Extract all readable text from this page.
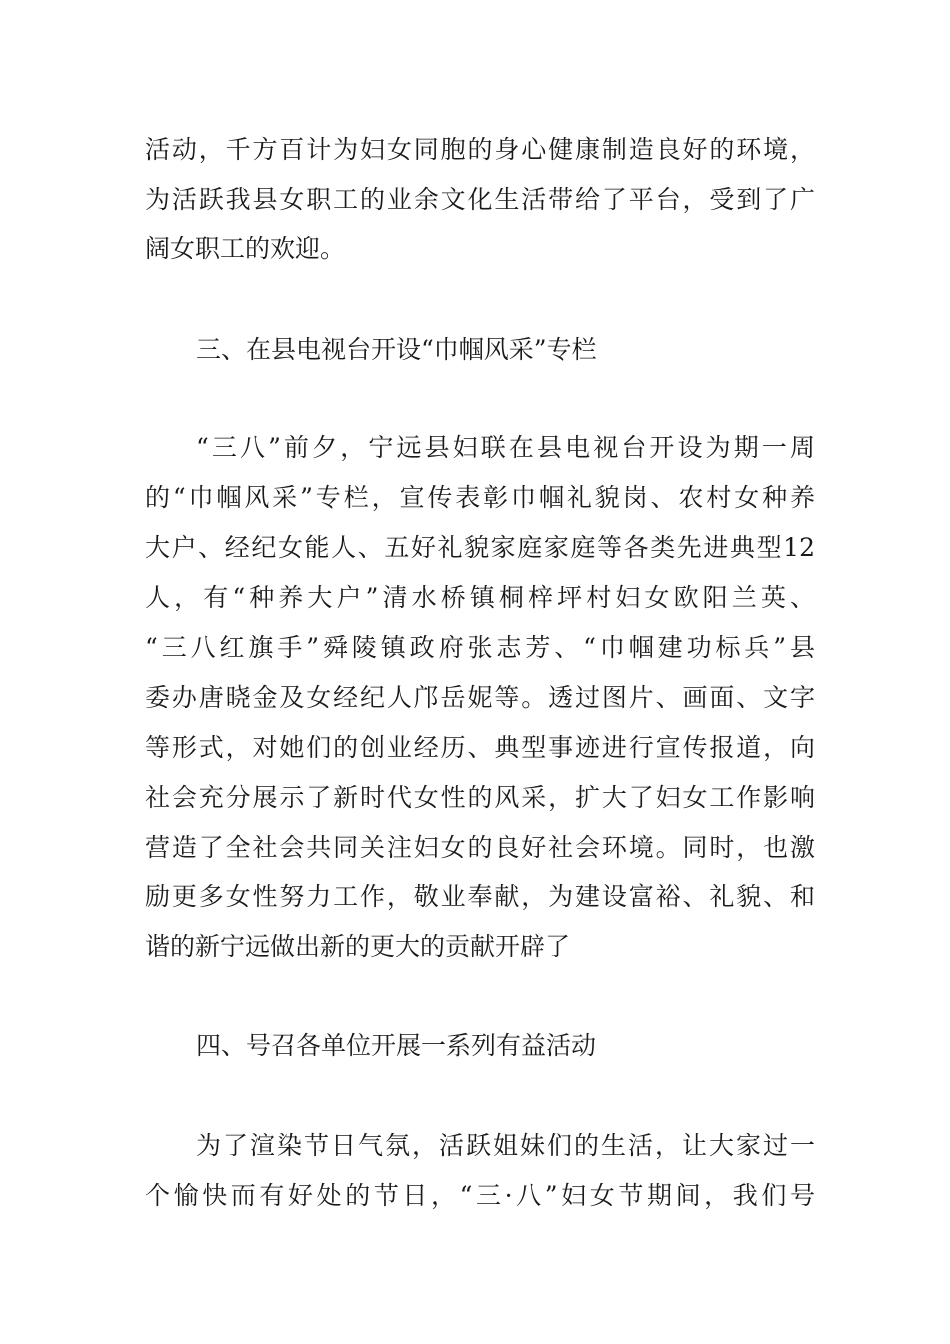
活动，千方百计为妇女同胞的身心健康制造良好的环境，
为活跃我县女职工的业余文化生活带给了平台，受到了广
阔女职工的欢迎。
三、在县电视台开设“巾帼风采”专栏
“三八”前夕，宁远县妇联在县电视台开设为期一周
的“巾帼风采”专栏，宣传表彰巾帼礼貌岗、农村女种养
大户、经纪女能人、五好礼貌家庭家庭等各类先进典型12
人，有“种养大户”清水桥镇桐梓坪村妇女欧阳兰英、
“三八红旗手”舜陵镇政府张志芳、“巾帼建功标兵”县
委办唐晓金及女经纪人邝岳妮等。透过图片、画面、文字
等形式，对她们的创业经历、典型事迹进行宣传报道，向
社会充分展示了新时代女性的风采，扩大了妇女工作影响
营造了全社会共同关注妇女的良好社会环境。同时，也激
励更多女性努力工作，敬业奉献，为建设富裕、礼貌、和
谐的新宁远做出新的更大的贡献开辟了
四、号召各单位开展一系列有益活动
为了渲染节日气氛，活跃姐妹们的生活，让大家过一
个愉快而有好处的节日，“三·八”妇女节期间，我们号
